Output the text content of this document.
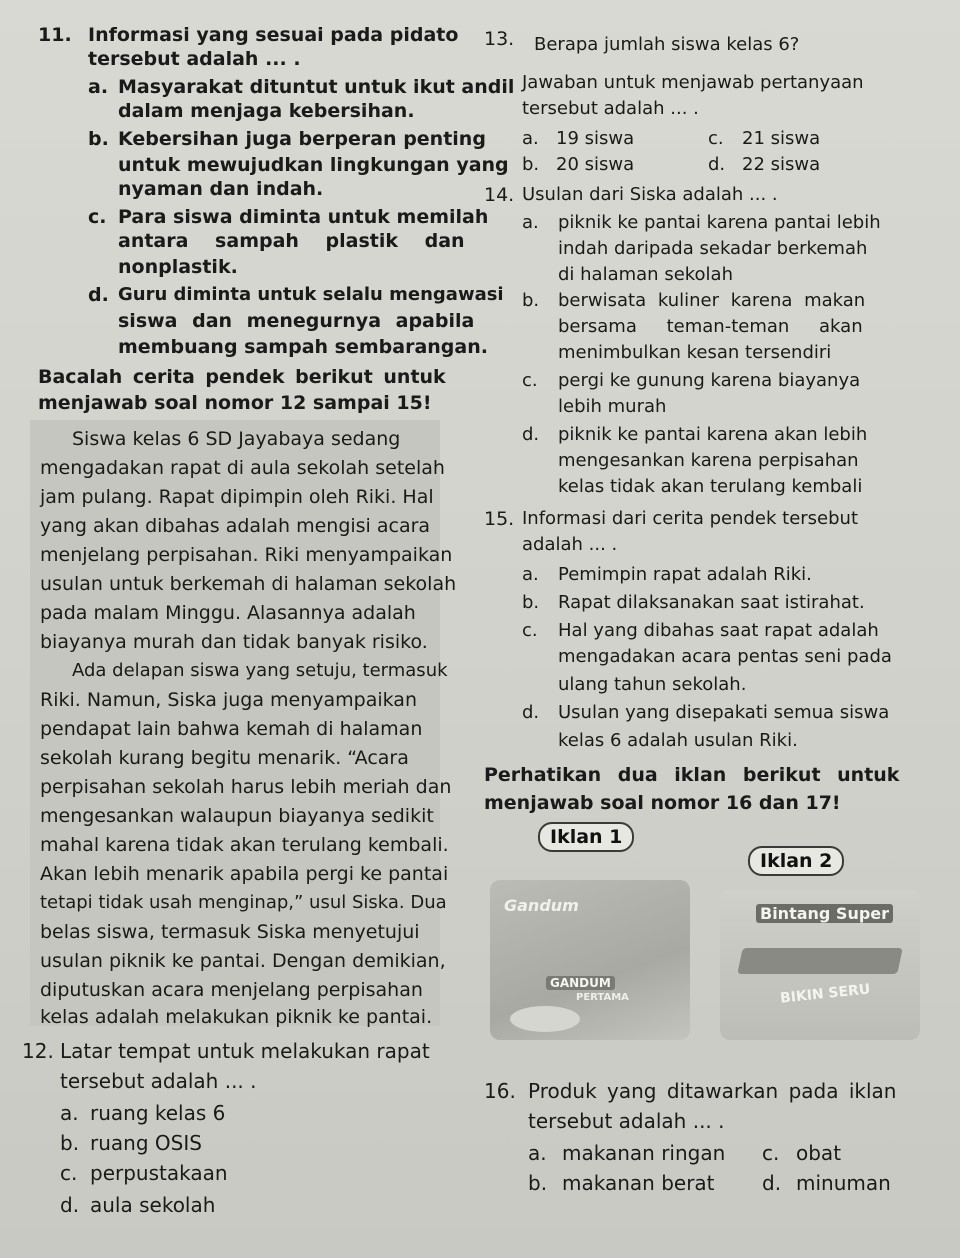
11. Informasi yang sesuai pada pidato
tersebut adalah ... .
a. Masyarakat dituntut untuk ikut andil
dalam menjaga kebersihan.
b. Kebersihan juga berperan penting
untuk mewujudkan lingkungan yang
nyaman dan indah.
c. Para siswa diminta untuk memilah
antara sampah plastik dan
nonplastik.
d. Guru diminta untuk selalu mengawasi
siswa dan menegurnya apabila
membuang sampah sembarangan.
Bacalah cerita pendek berikut untuk
menjawab soal nomor 12 sampai 15!
Siswa kelas 6 SD Jayabaya sedang
mengadakan rapat di aula sekolah setelah
jam pulang. Rapat dipimpin oleh Riki. Hal
yang akan dibahas adalah mengisi acara
menjelang perpisahan. Riki menyampaikan
usulan untuk berkemah di halaman sekolah
pada malam Minggu. Alasannya adalah
biayanya murah dan tidak banyak risiko.
Ada delapan siswa yang setuju, termasuk
Riki. Namun, Siska juga menyampaikan
pendapat lain bahwa kemah di halaman
sekolah kurang begitu menarik. “Acara
perpisahan sekolah harus lebih meriah dan
mengesankan walaupun biayanya sedikit
mahal karena tidak akan terulang kembali.
Akan lebih menarik apabila pergi ke pantai
tetapi tidak usah menginap,” usul Siska. Dua
belas siswa, termasuk Siska menyetujui
usulan piknik ke pantai. Dengan demikian,
diputuskan acara menjelang perpisahan
kelas adalah melakukan piknik ke pantai.
12. Latar tempat untuk melakukan rapat
tersebut adalah ... .
a. ruang kelas 6
b. ruang OSIS
c. perpustakaan
d. aula sekolah
13. Berapa jumlah siswa kelas 6?
Jawaban untuk menjawab pertanyaan
tersebut adalah ... .
a. 19 siswa	c. 21 siswa
b. 20 siswa	d. 22 siswa
14. Usulan dari Siska adalah ... .
a. piknik ke pantai karena pantai lebih
indah daripada sekadar berkemah
di halaman sekolah
b. berwisata kuliner karena makan
bersama teman-teman akan
menimbulkan kesan tersendiri
c. pergi ke gunung karena biayanya
lebih murah
d. piknik ke pantai karena akan lebih
mengesankan karena perpisahan
kelas tidak akan terulang kembali
15. Informasi dari cerita pendek tersebut
adalah ... .
a. Pemimpin rapat adalah Riki.
b. Rapat dilaksanakan saat istirahat.
c. Hal yang dibahas saat rapat adalah
mengadakan acara pentas seni pada
ulang tahun sekolah.
d. Usulan yang disepakati semua siswa
kelas 6 adalah usulan Riki.
Perhatikan dua iklan berikut untuk
menjawab soal nomor 16 dan 17!
Gandum
GANDUM
PERTAMA
Bintang Super
BIKIN SERU
Iklan 1
Iklan 2
16. Produk yang ditawarkan pada iklan
tersebut adalah ... .
a. makanan ringan c. obat
b. makanan berat d. minuman
